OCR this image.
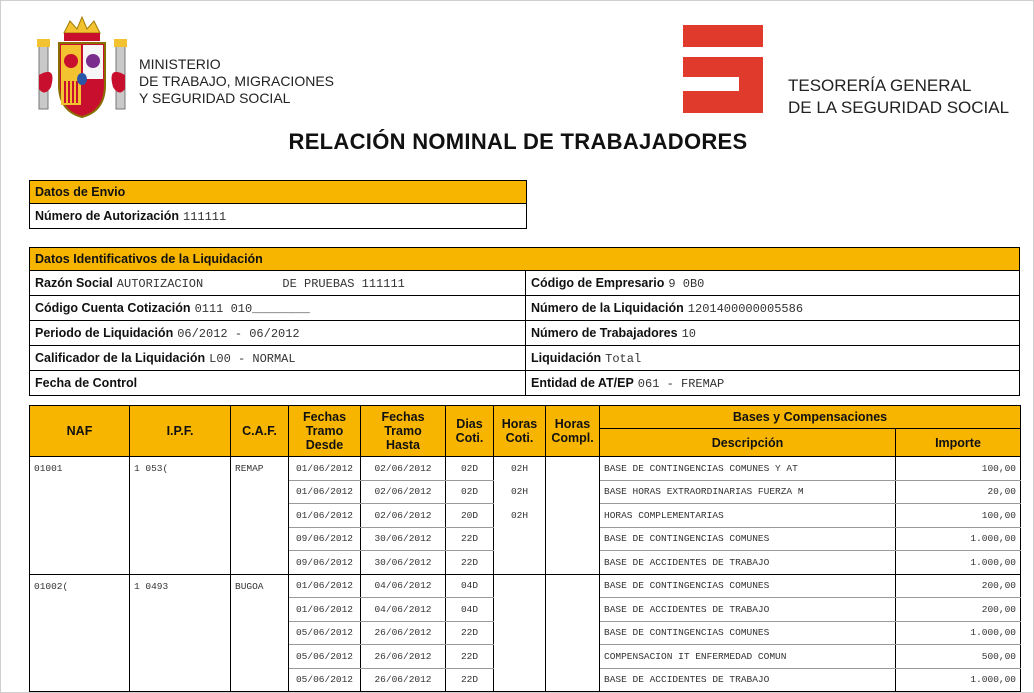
MINISTERIO
DE TRABAJO, MIGRACIONES
Y SEGURIDAD SOCIAL
TESORERÍA GENERAL
DE LA SEGURIDAD SOCIAL
RELACIÓN NOMINAL DE TRABAJADORES
Datos de Envio
Número de Autorización 111111
Datos Identificativos de la Liquidación
Razón Social AUTORIZACION           DE PRUEBAS 111111	Código de Empresario 9 0B0
Código Cuenta Cotización 0111 010________	Número de la Liquidación 1201400000005586
Periodo de Liquidación 06/2012 - 06/2012	Número de Trabajadores 10
Calificador de la Liquidación L00 - NORMAL	Liquidación Total
Fecha de Control	Entidad de AT/EP 061 - FREMAP
NAF	I.P.F.	C.A.F.	Fechas
Tramo
Desde	Fechas
Tramo
Hasta	Dias
Coti.	Horas
Coti.	Horas
Compl.	Bases y Compensaciones	
								Descripción	Importe
01001	1 053(	REMAP	01/06/2012	02/06/2012	02D	02H		BASE DE CONTINGENCIAS COMUNES Y AT	100,00
			01/06/2012	02/06/2012	02D	02H		BASE HORAS EXTRAORDINARIAS FUERZA M	20,00
			01/06/2012	02/06/2012	20D	02H		HORAS COMPLEMENTARIAS	100,00
			09/06/2012	30/06/2012	22D			BASE DE CONTINGENCIAS COMUNES	1.000,00
			09/06/2012	30/06/2012	22D			BASE DE ACCIDENTES DE TRABAJO	1.000,00
01002(	1 0493	BUGOA	01/06/2012	04/06/2012	04D			BASE DE CONTINGENCIAS COMUNES	200,00
			01/06/2012	04/06/2012	04D			BASE DE ACCIDENTES DE TRABAJO	200,00
			05/06/2012	26/06/2012	22D			BASE DE CONTINGENCIAS COMUNES	1.000,00
			05/06/2012	26/06/2012	22D			COMPENSACION IT ENFERMEDAD COMUN	500,00
			05/06/2012	26/06/2012	22D			BASE DE ACCIDENTES DE TRABAJO	1.000,00
